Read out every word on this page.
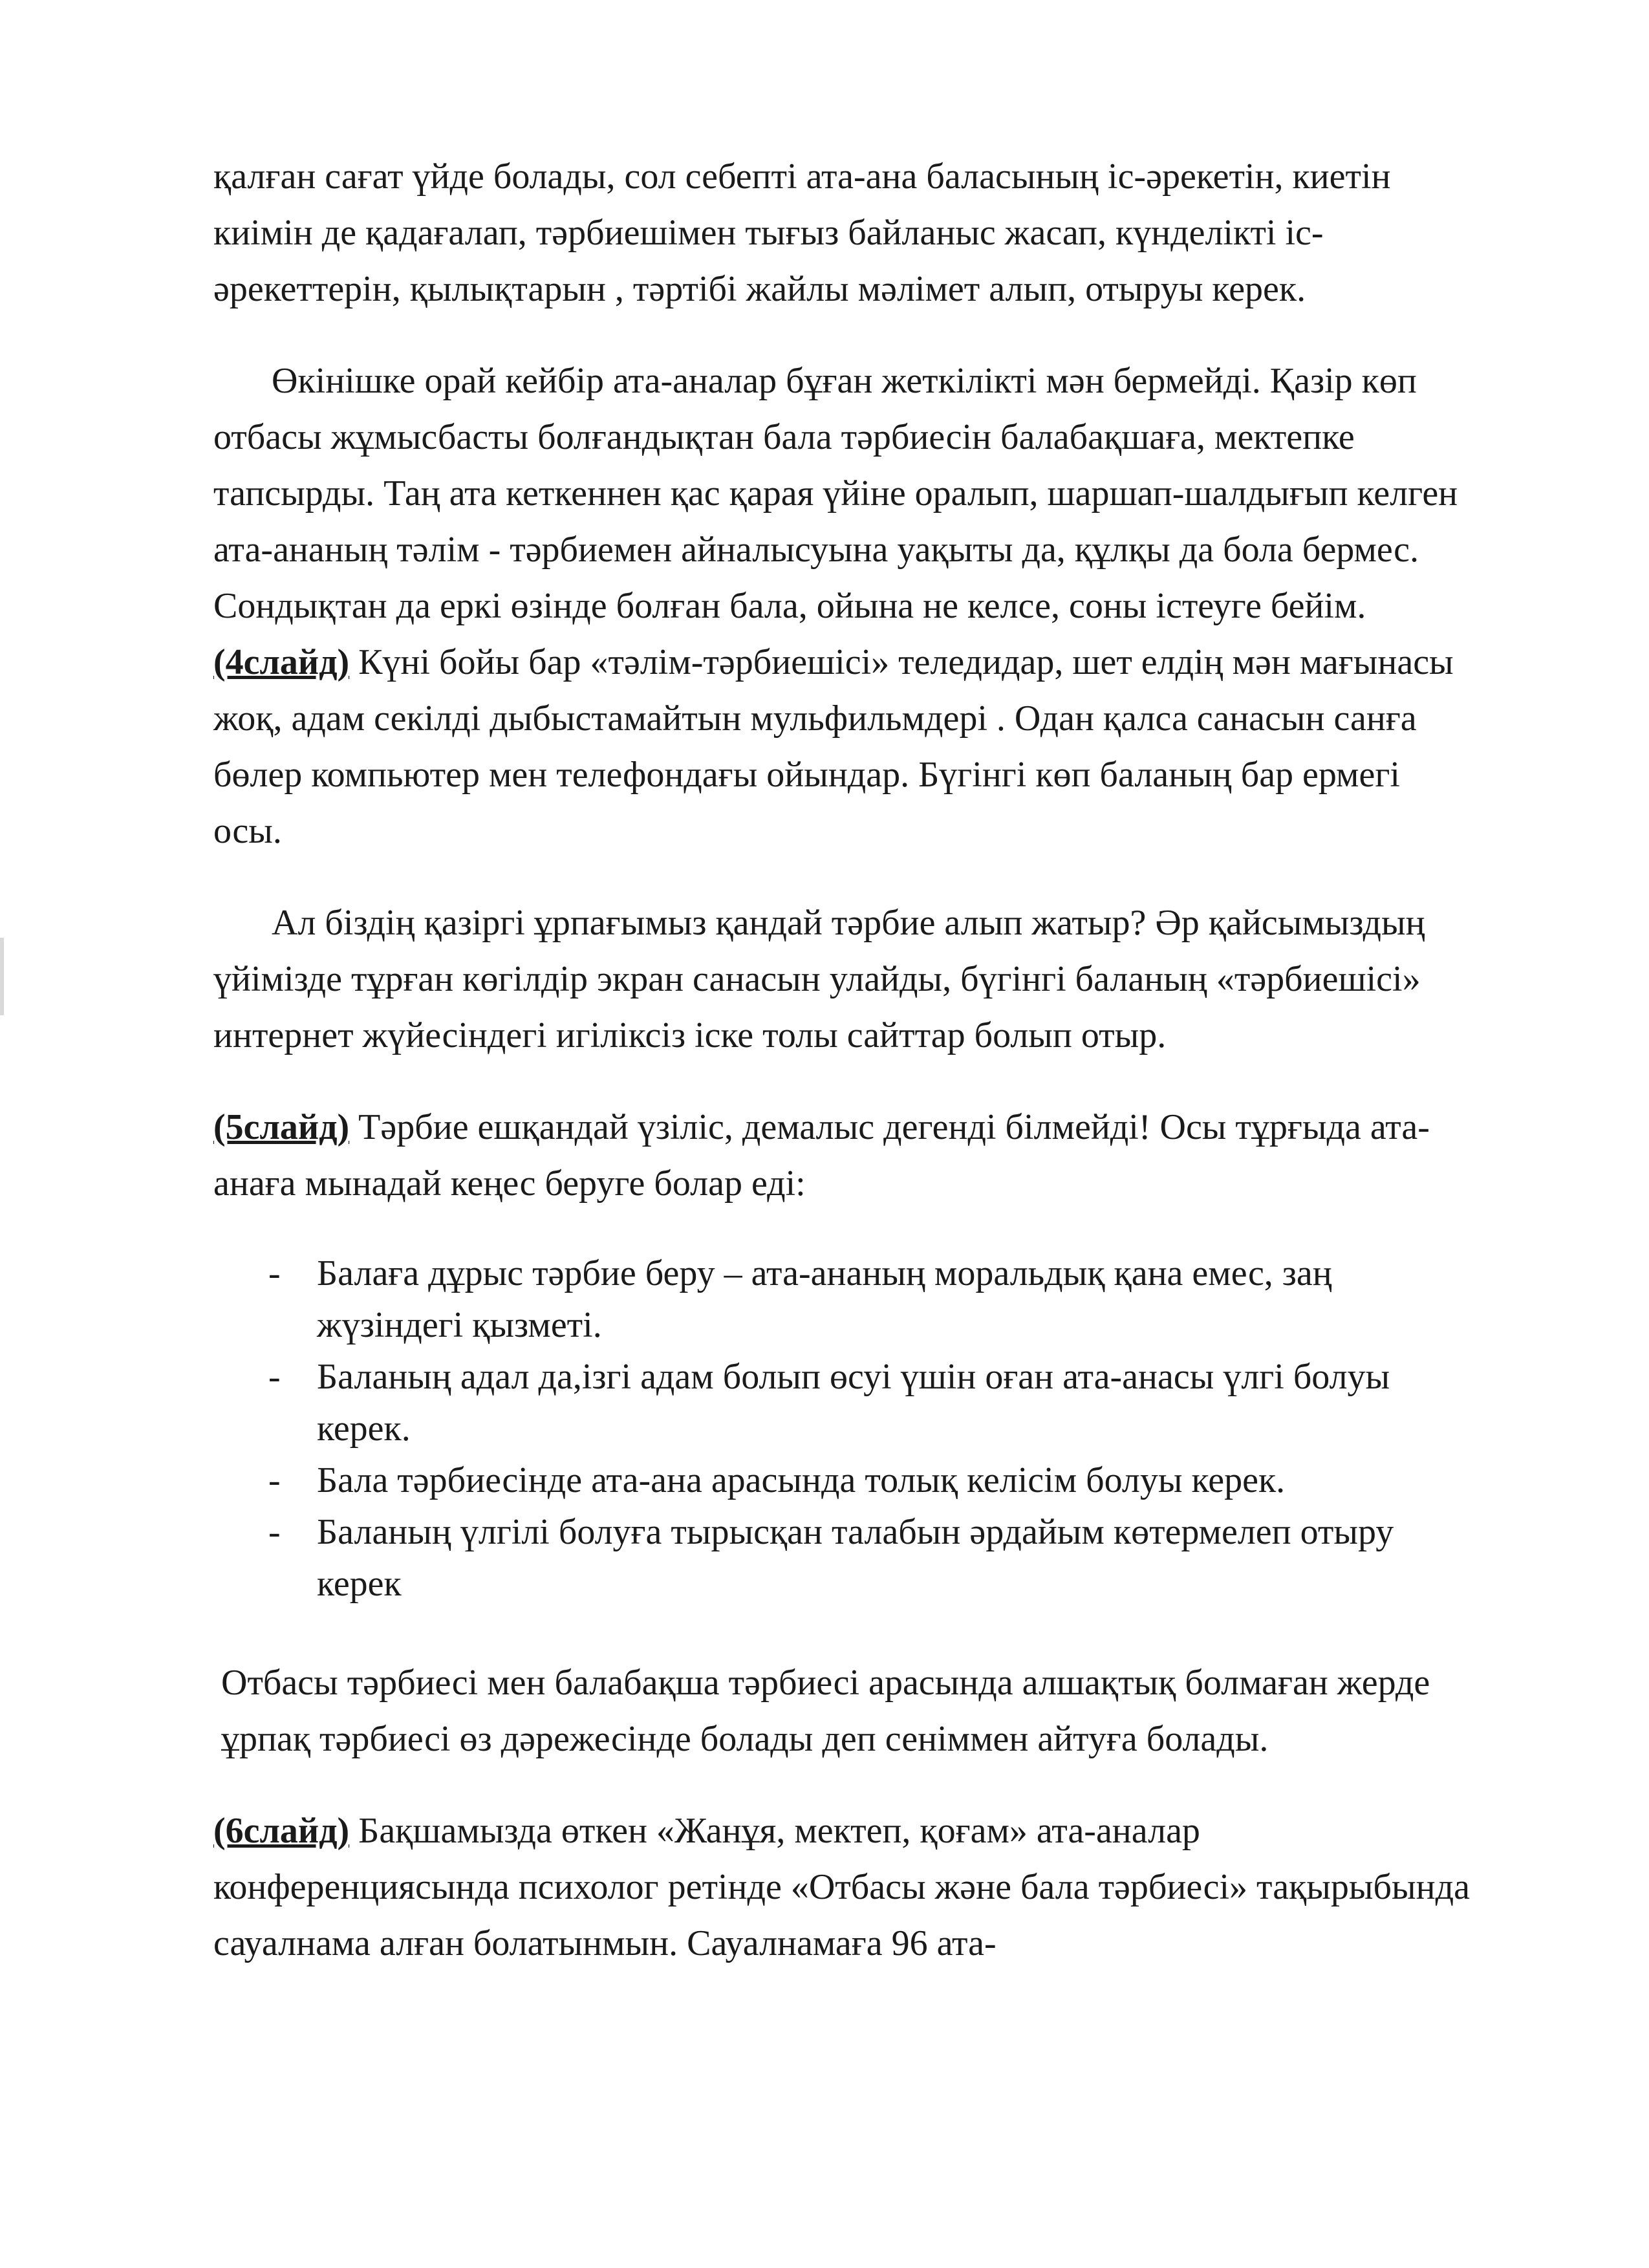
қалған сағат үйде болады, сол себепті ата-ана баласының іс-әрекетін, киетін киімін де қадағалап, тәрбиешімен тығыз байланыс жасап, күнделікті іс-әрекеттерін, қылықтарын , тәртібі жайлы мәлімет алып, отыруы керек.

Өкінішке орай кейбір ата-аналар бұған жеткілікті мән бермейді. Қазір көп отбасы жұмысбасты болғандықтан бала тәрбиесін балабақшаға, мектепке тапсырды. Таң ата кеткеннен қас қарая үйіне оралып, шаршап-шалдығып келген ата-ананың тәлім - тәрбиемен айналысуына уақыты да, құлқы да бола бермес. Сондықтан да еркі өзінде болған бала, ойына не келсе, соны істеуге бейім. (4слайд) Күні бойы бар «тәлім-тәрбиешісі» теледидар, шет елдің мән мағынасы жоқ, адам секілді дыбыстамайтын мульфильмдері . Одан қалса санасын санға бөлер компьютер мен телефондағы ойындар. Бүгінгі көп баланың бар ермегі осы.

Ал біздің қазіргі ұрпағымыз қандай тәрбие алып жатыр? Әр қайсымыздың үйімізде тұрған көгілдір экран санасын улайды, бүгінгі баланың «тәрбиешісі» интернет жүйесіндегі игіліксіз іске толы сайттар болып отыр.

(5слайд) Тәрбие ешқандай үзіліс, демалыс дегенді білмейді! Осы тұрғыда ата-анаға мынадай кеңес беруге болар еді:

- Балаға дұрыс тәрбие беру – ата-ананың моральдық қана емес, заң жүзіндегі қызметі.
- Баланың адал да,ізгі адам болып өсуі үшін оған ата-анасы үлгі болуы керек.
- Бала тәрбиесінде ата-ана арасында толық келісім болуы керек.
- Баланың үлгілі болуға тырысқан талабын әрдайым көтермелеп отыру керек

Отбасы тәрбиесі мен балабақша тәрбиесі арасында алшақтық болмаған жерде ұрпақ тәрбиесі өз дәрежесінде болады деп сеніммен айтуға болады.

(6слайд) Бақшамызда өткен «Жанұя, мектеп, қоғам» ата-аналар конференциясында психолог ретінде «Отбасы және бала тәрбиесі» тақырыбында сауалнама алған болатынмын. Сауалнамаға 96 ата-
